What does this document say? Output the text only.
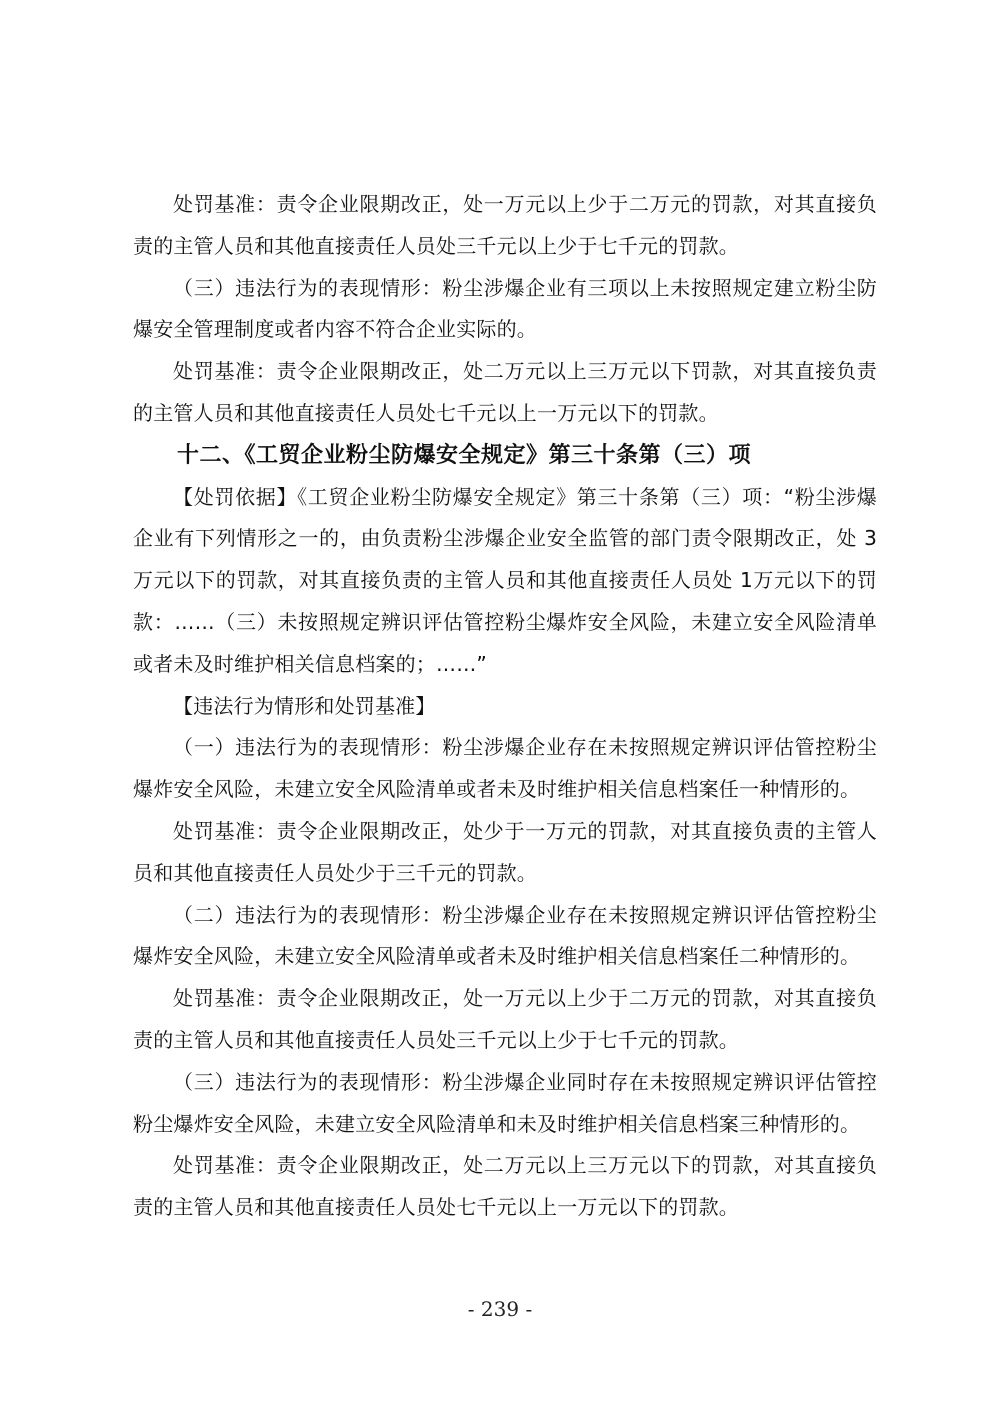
处罚基准：责令企业限期改正，处一万元以上少于二万元的罚款，对其直接负责的主管人员和其他直接责任人员处三千元以上少于七千元的罚款。

（三）违法行为的表现情形：粉尘涉爆企业有三项以上未按照规定建立粉尘防爆安全管理制度或者内容不符合企业实际的。

处罚基准：责令企业限期改正，处二万元以上三万元以下罚款，对其直接负责的主管人员和其他直接责任人员处七千元以上一万元以下的罚款。

十二、《工贸企业粉尘防爆安全规定》第三十条第（三）项

【处罚依据】《工贸企业粉尘防爆安全规定》第三十条第（三）项：“粉尘涉爆企业有下列情形之一的，由负责粉尘涉爆企业安全监管的部门责令限期改正，处 3 万元以下的罚款，对其直接负责的主管人员和其他直接责任人员处 1万元以下的罚款：……（三）未按照规定辨识评估管控粉尘爆炸安全风险，未建立安全风险清单或者未及时维护相关信息档案的；……”

【违法行为情形和处罚基准】

（一）违法行为的表现情形：粉尘涉爆企业存在未按照规定辨识评估管控粉尘爆炸安全风险，未建立安全风险清单或者未及时维护相关信息档案任一种情形的。

处罚基准：责令企业限期改正，处少于一万元的罚款，对其直接负责的主管人员和其他直接责任人员处少于三千元的罚款。

（二）违法行为的表现情形：粉尘涉爆企业存在未按照规定辨识评估管控粉尘爆炸安全风险，未建立安全风险清单或者未及时维护相关信息档案任二种情形的。

处罚基准：责令企业限期改正，处一万元以上少于二万元的罚款，对其直接负责的主管人员和其他直接责任人员处三千元以上少于七千元的罚款。

（三）违法行为的表现情形：粉尘涉爆企业同时存在未按照规定辨识评估管控粉尘爆炸安全风险，未建立安全风险清单和未及时维护相关信息档案三种情形的。

处罚基准：责令企业限期改正，处二万元以上三万元以下的罚款，对其直接负责的主管人员和其他直接责任人员处七千元以上一万元以下的罚款。

- 239 -
